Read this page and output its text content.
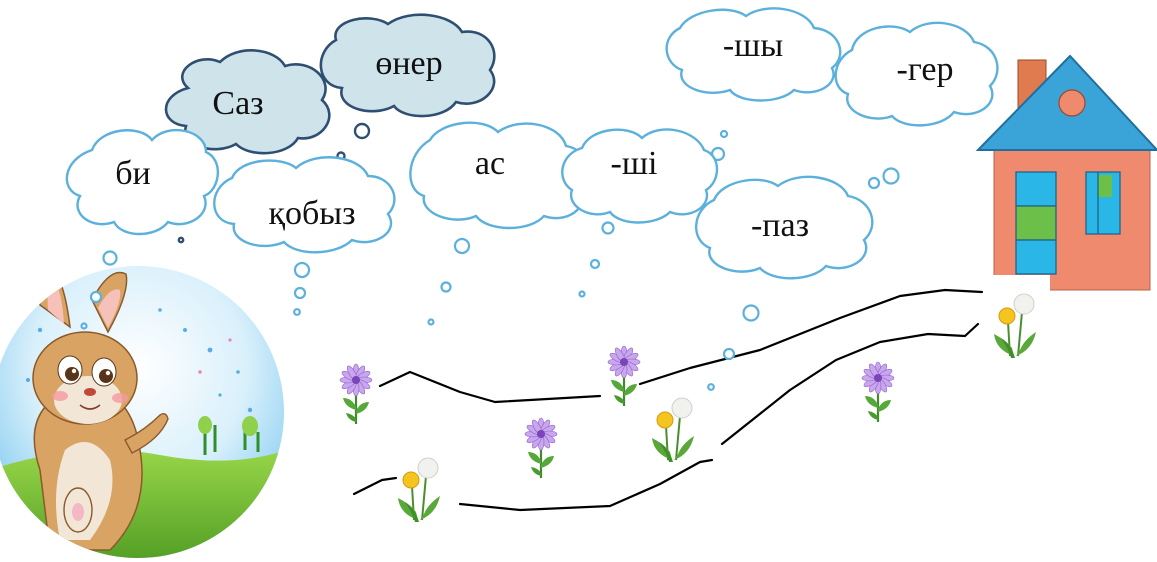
Саз
өнер
би
қобыз
ас	-ші
-шы
-гер
-паз
